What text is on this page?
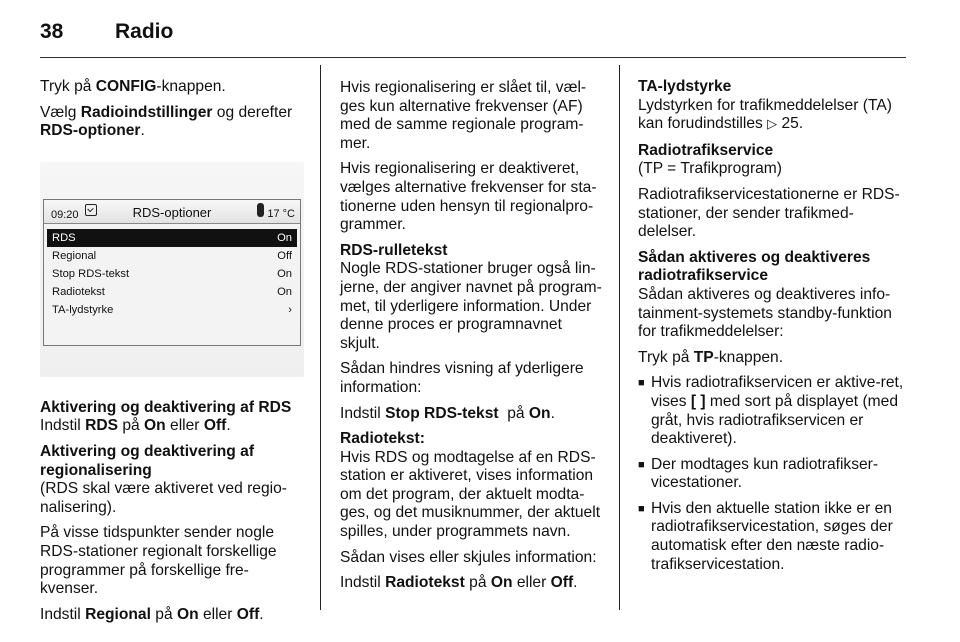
38 Radio

Tryk på CONFIG-knappen.

Vælg Radioindstillinger og derefter RDS-optioner.

09:20	RDS-optioner	17 °C
RDS	On
Regional	Off
Stop RDS-tekst	On
Radiotekst	On
TA-lydstyrke	›

Aktivering og deaktivering af RDS

Indstil RDS på On eller Off.

Aktivering og deaktivering af regionalisering

(RDS skal være aktiveret ved regio-nalisering).

På visse tidspunkter sender nogle RDS-stationer regionalt forskellige programmer på forskellige fre-kvenser.

Indstil Regional på On eller Off.

Hvis regionalisering er slået til, væl-ges kun alternative frekvenser (AF) med de samme regionale program-mer.

Hvis regionalisering er deaktiveret, vælges alternative frekvenser for sta-tionerne uden hensyn til regionalpro-grammer.

RDS-rulletekst

Nogle RDS-stationer bruger også lin-jerne, der angiver navnet på program-met, til yderligere information. Under denne proces er programnavnet skjult.

Sådan hindres visning af yderligere information:

Indstil Stop RDS-tekst  på On.

Radiotekst:

Hvis RDS og modtagelse af en RDS-station er aktiveret, vises information om det program, der aktuelt modta-ges, og det musiknummer, der aktuelt spilles, under programmets navn.

Sådan vises eller skjules information:

Indstil Radiotekst på On eller Off.

TA-lydstyrke

Lydstyrken for trafikmeddelelser (TA) kan forudindstilles ▷ 25.

Radiotrafikservice

(TP = Trafikprogram)

Radiotrafikservicestationerne er RDS-stationer, der sender trafikmed-delelser.

Sådan aktiveres og deaktiveres radiotrafikservice

Sådan aktiveres og deaktiveres info-tainment-systemets standby-funktion for trafikmeddelelser:

Tryk på TP-knappen.

■ Hvis radiotrafikservicen er aktive-ret, vises [ ] med sort på displayet (med gråt, hvis radiotrafikservicen er deaktiveret).
■ Der modtages kun radiotrafikser-vicestationer.
■ Hvis den aktuelle station ikke er en radiotrafikservicestation, søges der automatisk efter den næste radio-trafikservicestation.
